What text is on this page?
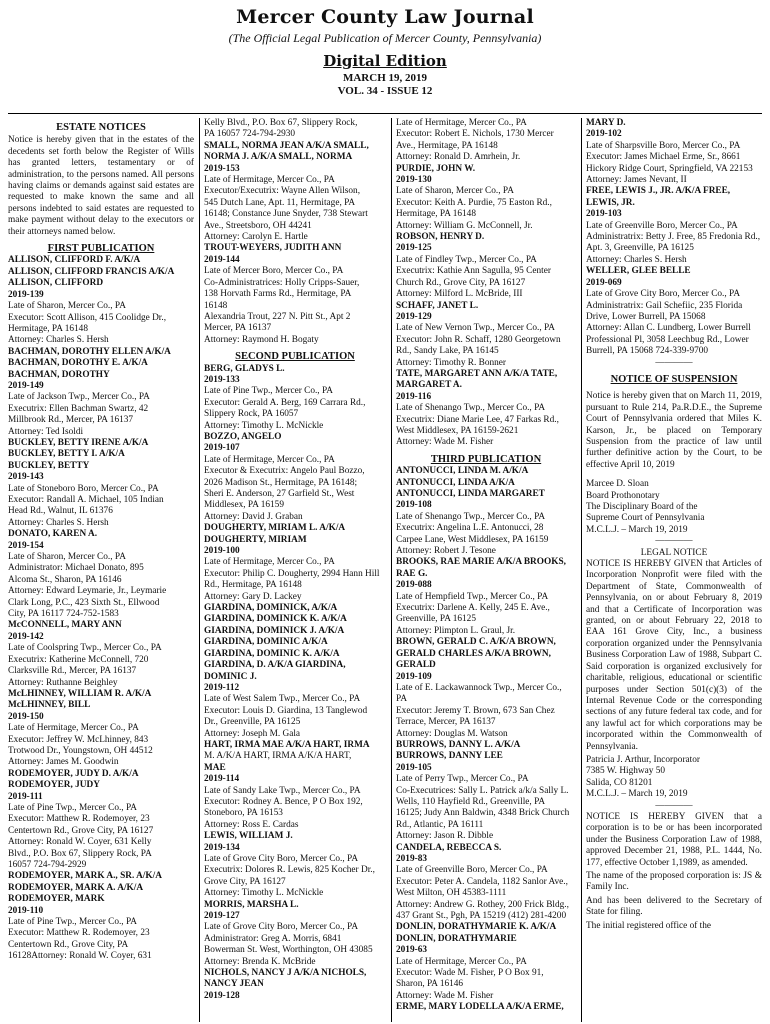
Mercer County Law Journal
(The Official Legal Publication of Mercer County, Pennsylvania)
Digital Edition
MARCH 19, 2019
VOL. 34 - ISSUE 12
ESTATE NOTICES
Notice is hereby given that in the estates of the decedents set forth below the Register of Wills has granted letters, testamentary or of administration, to the persons named. All persons having claims or demands against said estates are requested to make known the same and all persons indebted to said estates are requested to make payment without delay to the executors or their attorneys named below.
FIRST PUBLICATION
ALLISON, CLIFFORD F. A/K/A
ALLISON, CLIFFORD FRANCIS A/K/A
ALLISON, CLIFFORD
2019-139
Late of Sharon, Mercer Co., PA
Executor: Scott Allison, 415 Coolidge Dr.,
Hermitage, PA 16148
Attorney: Charles S. Hersh
BACHMAN, DOROTHY ELLEN A/K/A
BACHMAN, DOROTHY E. A/K/A
BACHMAN, DOROTHY
2019-149
Late of Jackson Twp., Mercer Co., PA
Executrix: Ellen Bachman Swartz, 42
Millbrook Rd., Mercer, PA 16137
Attorney: Ted Isoldi
BUCKLEY, BETTY IRENE A/K/A
BUCKLEY, BETTY I. A/K/A
BUCKLEY, BETTY
2019-143
Late of Stoneboro Boro, Mercer Co., PA
Executor: Randall A. Michael, 105 Indian
Head Rd., Walnut, IL 61376
Attorney: Charles S. Hersh
DONATO, KAREN A.
2019-154
Late of Sharon, Mercer Co., PA
Administrator: Michael Donato, 895
Alcoma St., Sharon, PA 16146
Attorney: Edward Leymarie, Jr., Leymarie
Clark Long, P.C., 423 Sixth St., Ellwood
City, PA 16117 724-752-1583
McCONNELL, MARY ANN
2019-142
Late of Coolspring Twp., Mercer Co., PA
Executrix: Katherine McConnell, 720
Clarksville Rd., Mercer, PA 16137
Attorney: Ruthanne Beighley
McLHINNEY, WILLIAM R. A/K/A
McLHINNEY, BILL
2019-150
Late of Hermitage, Mercer Co., PA
Executor: Jeffrey W. McLhinney, 843
Trotwood Dr., Youngstown, OH 44512
Attorney: James M. Goodwin
RODEMOYER, JUDY D. A/K/A
RODEMOYER, JUDY
2019-111
Late of Pine Twp., Mercer Co., PA
Executor: Matthew R. Rodemoyer, 23
Centertown Rd., Grove City, PA 16127
Attorney: Ronald W. Coyer, 631 Kelly
Blvd., P.O. Box 67, Slippery Rock, PA
16057 724-794-2929
RODEMOYER, MARK A., SR. A/K/A
RODEMOYER, MARK A. A/K/A
RODEMOYER, MARK
2019-110
Late of Pine Twp., Mercer Co., PA
Executor: Matthew R. Rodemoyer, 23
Centertown Rd., Grove City, PA
16128Attorney: Ronald W. Coyer, 631
Kelly Blvd., P.O. Box 67, Slippery Rock,
PA 16057 724-794-2930
SMALL, NORMA JEAN A/K/A SMALL,
NORMA J. A/K/A SMALL, NORMA
2019-153
Late of Hermitage, Mercer Co., PA
Executor/Executrix: Wayne Allen Wilson,
545 Dutch Lane, Apt. 11, Hermitage, PA
16148; Constance June Snyder, 738 Stewart
Ave., Streetsboro, OH 44241
Attorney: Carolyn E. Hartle
TROUT-WEYERS, JUDITH ANN
2019-144
Late of Mercer Boro, Mercer Co., PA
Co-Administratrices: Holly Cripps-Sauer,
138 Horvath Farms Rd., Hermitage, PA
16148
Alexandria Trout, 227 N. Pitt St., Apt 2
Mercer, PA 16137
Attorney: Raymond H. Bogaty
SECOND PUBLICATION
BERG, GLADYS L.
2019-133
Late of Pine Twp., Mercer Co., PA
Executor: Gerald A. Berg, 169 Carrara Rd.,
Slippery Rock, PA 16057
Attorney: Timothy L. McNickle
BOZZO, ANGELO
2019-107
Late of Hermitage, Mercer Co., PA
Executor & Executrix: Angelo Paul Bozzo,
2026 Madison St., Hermitage, PA 16148;
Sheri E. Anderson, 27 Garfield St., West
Middlesex, PA 16159
Attorney: David J. Graban
DOUGHERTY, MIRIAM L. A/K/A
DOUGHERTY, MIRIAM
2019-100
Late of Hermitage, Mercer Co., PA
Executor: Philip C. Dougherty, 2994 Hann Hill
Rd., Hermitage, PA 16148
Attorney: Gary D. Lackey
GIARDINA, DOMINICK, A/K/A
GIARDINA, DOMINICK K. A/K/A
GIARDINA, DOMINICK J. A/K/A
GIARDINA, DOMINIC A/K/A
GIARDINA, DOMINIC K. A/K/A
GIARDINA, D. A/K/A GIARDINA,
DOMINIC J.
2019-112
Late of West Salem Twp., Mercer Co., PA
Executor: Louis D. Giardina, 13 Tanglewod
Dr., Greenville, PA 16125
Attorney: Joseph M. Gala
HART, IRMA MAE A/K/A HART, IRMA
M. A/K/A HART, IRMA A/K/A HART,
MAE
2019-114
Late of Sandy Lake Twp., Mercer Co., PA
Executor: Rodney A. Bence, P O Box 192,
Stoneboro, PA 16153
Attorney: Ross E. Cardas
LEWIS, WILLIAM J.
2019-134
Late of Grove City Boro, Mercer Co., PA
Executrix: Dolores R. Lewis, 825 Kocher Dr.,
Grove City, PA 16127
Attorney: Timothy L. McNickle
MORRIS, MARSHA L.
2019-127
Late of Grove City Boro, Mercer Co., PA
Administrator: Greg A. Morris, 6841
Bowerman St. West, Worthington, OH 43085
Attorney: Brenda K. McBride
NICHOLS, NANCY J A/K/A NICHOLS,
NANCY JEAN
2019-128
Late of Hermitage, Mercer Co., PA
Executor: Robert E. Nichols, 1730 Mercer
Ave., Hermitage, PA 16148
Attorney: Ronald D. Amrhein, Jr.
PURDIE, JOHN W.
2019-130
Late of Sharon, Mercer Co., PA
Executor: Keith A. Purdie, 75 Easton Rd.,
Hermitage, PA 16148
Attorney: William G. McConnell, Jr.
ROBSON, HENRY D.
2019-125
Late of Findley Twp., Mercer Co., PA
Executrix: Kathie Ann Sagulla, 95 Center
Church Rd., Grove City, PA 16127
Attorney: Milford L. McBride, III
SCHAFF, JANET L.
2019-129
Late of New Vernon Twp., Mercer Co., PA
Executor: John R. Schaff, 1280 Georgetown
Rd., Sandy Lake, PA 16145
Attorney: Timothy R. Bonner
TATE, MARGARET ANN A/K/A TATE,
MARGARET A.
2019-116
Late of Shenango Twp., Mercer Co., PA
Executrix: Diane Marie Lee, 47 Farkas Rd.,
West Middlesex, PA 16159-2621
Attorney: Wade M. Fisher
THIRD PUBLICATION
ANTONUCCI, LINDA M. A/K/A
ANTONUCCI, LINDA A/K/A
ANTONUCCI, LINDA MARGARET
2019-108
Late of Shenango Twp., Mercer Co., PA
Executrix: Angelina L.E. Antonucci, 28
Carpee Lane, West Middlesex, PA 16159
Attorney: Robert J. Tesone
BROOKS, RAE MARIE A/K/A BROOKS,
RAE G.
2019-088
Late of Hempfield Twp., Mercer Co., PA
Executrix: Darlene A. Kelly, 245 E. Ave.,
Greenville, PA 16125
Attorney: Plimpton L. Graul, Jr.
BROWN, GERALD C. A/K/A BROWN,
GERALD CHARLES A/K/A BROWN,
GERALD
2019-109
Late of E. Lackawannock Twp., Mercer Co.,
PA
Executor: Jeremy T. Brown, 673 San Chez
Terrace, Mercer, PA 16137
Attorney: Douglas M. Watson
BURROWS, DANNY L. A/K/A
BURROWS, DANNY LEE
2019-105
Late of Perry Twp., Mercer Co., PA
Co-Executrices: Sally L. Patrick a/k/a Sally L.
Wells, 110 Hayfield Rd., Greenville, PA
16125; Judy Ann Baldwin, 4348 Brick Church
Rd., Atlantic, PA 16111
Attorney: Jason R. Dibble
CANDELA, REBECCA S.
2019-83
Late of Greenville Boro, Mercer Co., PA
Executor: Peter A. Candela, 1182 Sanlor Ave.,
West Milton, OH 45383-1111
Attorney: Andrew G. Rothey, 200 Frick Bldg.,
437 Grant St., Pgh, PA 15219 (412) 281-4200
DONLIN, DORATHYMARIE K. A/K/A
DONLIN, DORATHYMARIE
2019-63
Late of Hermitage, Mercer Co., PA
Executor: Wade M. Fisher, P O Box 91,
Sharon, PA 16146
Attorney: Wade M. Fisher
ERME, MARY LODELLA A/K/A ERME,
MARY D.
2019-102
Late of Sharpsville Boro, Mercer Co., PA
Executor: James Michael Erme, Sr., 8661
Hickory Ridge Court, Springfield, VA 22153
Attorney: James Nevant, II
FREE, LEWIS J., JR. A/K/A FREE,
LEWIS, JR.
2019-103
Late of Greenville Boro, Mercer Co., PA
Administratrix: Betty J. Free, 85 Fredonia Rd.,
Apt. 3, Greenville, PA 16125
Attorney: Charles S. Hersh
WELLER, GLEE BELLE
2019-069
Late of Grove City Boro, Mercer Co., PA
Administratrix: Gail Schefiic, 235 Florida
Drive, Lower Burrell, PA 15068
Attorney: Allan C. Lundberg, Lower Burrell
Professional Pl, 3058 Leechbug Rd., Lower
Burrell, PA 15068 724-339-9700
————
NOTICE OF SUSPENSION
Notice is hereby given that on March 11, 2019, pursuant to Rule 214, Pa.R.D.E., the Supreme Court of Pennsylvania ordered that Miles K. Karson, Jr., be placed on Temporary Suspension from the practice of law until further definitive action by the Court, to be effective April 10, 2019
Marcee D. Sloan
Board Prothonotary
The Disciplinary Board of the
Supreme Court of Pennsylvania
M.C.L.J. – March 19, 2019
————
LEGAL NOTICE
NOTICE IS HEREBY GIVEN that Articles of Incorporation Nonprofit were filed with the Department of State, Commonwealth of Pennsylvania, on or about February 8, 2019 and that a Certificate of Incorporation was granted, on or about February 22, 2018 to EAA 161 Grove City, Inc., a business corporation organized under the Pennsylvania Business Corporation Law of 1988, Subpart C. Said corporation is organized exclusively for charitable, religious, educational or scientific purposes under Section 501(c)(3) of the Internal Revenue Code or the corresponding sections of any future federal tax code, and for any lawful act for which corporations may be incorporated within the Commonwealth of Pennsylvania.
Patricia J. Arthur, Incorporator
7385 W. Highway 50
Salida, CO 81201
M.C.L.J. – March 19, 2019
————
NOTICE IS HEREBY GIVEN that a corporation is to be or has been incorporated under the Business Corporation Law of 1988, approved December 21, 1988, P.L. 1444, No. 177, effective October 1,1989, as amended.
The name of the proposed corporation is: JS & Family Inc.
And has been delivered to the Secretary of State for filing.
The initial registered office of the
